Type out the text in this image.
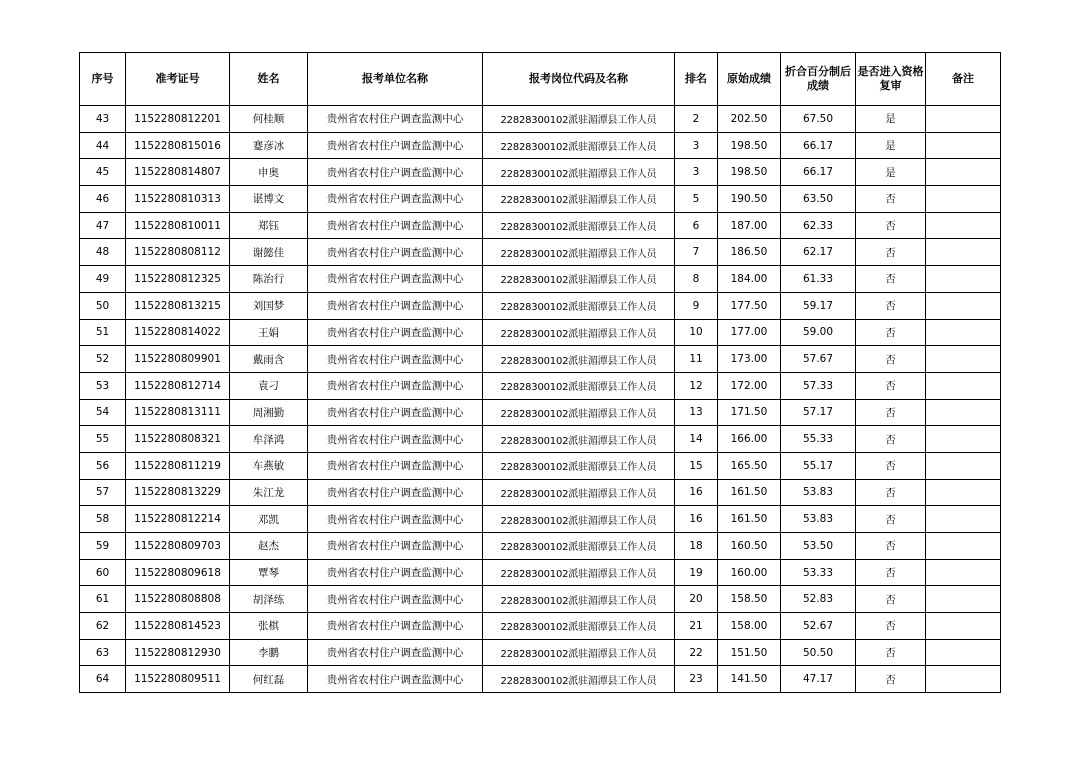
序号	准考证号	姓名	报考单位名称	报考岗位代码及名称	排名	原始成绩	折合百分制后成绩	是否进入资格复审	备注
43	1152280812201	何桂顺	贵州省农村住户调查监测中心	22828300102派驻湄潭县工作人员	2	202.50	67.50	是	
44	1152280815016	蹇彦冰	贵州省农村住户调查监测中心	22828300102派驻湄潭县工作人员	3	198.50	66.17	是	
45	1152280814807	申奥	贵州省农村住户调查监测中心	22828300102派驻湄潭县工作人员	3	198.50	66.17	是	
46	1152280810313	谌博文	贵州省农村住户调查监测中心	22828300102派驻湄潭县工作人员	5	190.50	63.50	否	
47	1152280810011	郑钰	贵州省农村住户调查监测中心	22828300102派驻湄潭县工作人员	6	187.00	62.33	否	
48	1152280808112	谢懿佳	贵州省农村住户调查监测中心	22828300102派驻湄潭县工作人员	7	186.50	62.17	否	
49	1152280812325	陈治行	贵州省农村住户调查监测中心	22828300102派驻湄潭县工作人员	8	184.00	61.33	否	
50	1152280813215	刘国梦	贵州省农村住户调查监测中心	22828300102派驻湄潭县工作人员	9	177.50	59.17	否	
51	1152280814022	王娟	贵州省农村住户调查监测中心	22828300102派驻湄潭县工作人员	10	177.00	59.00	否	
52	1152280809901	戴雨含	贵州省农村住户调查监测中心	22828300102派驻湄潭县工作人员	11	173.00	57.67	否	
53	1152280812714	袁刁	贵州省农村住户调查监测中心	22828300102派驻湄潭县工作人员	12	172.00	57.33	否	
54	1152280813111	周湘勤	贵州省农村住户调查监测中心	22828300102派驻湄潭县工作人员	13	171.50	57.17	否	
55	1152280808321	牟泽鸿	贵州省农村住户调查监测中心	22828300102派驻湄潭县工作人员	14	166.00	55.33	否	
56	1152280811219	车燕敏	贵州省农村住户调查监测中心	22828300102派驻湄潭县工作人员	15	165.50	55.17	否	
57	1152280813229	朱江龙	贵州省农村住户调查监测中心	22828300102派驻湄潭县工作人员	16	161.50	53.83	否	
58	1152280812214	邓凯	贵州省农村住户调查监测中心	22828300102派驻湄潭县工作人员	16	161.50	53.83	否	
59	1152280809703	赵杰	贵州省农村住户调查监测中心	22828300102派驻湄潭县工作人员	18	160.50	53.50	否	
60	1152280809618	覃琴	贵州省农村住户调查监测中心	22828300102派驻湄潭县工作人员	19	160.00	53.33	否	
61	1152280808808	胡泽练	贵州省农村住户调查监测中心	22828300102派驻湄潭县工作人员	20	158.50	52.83	否	
62	1152280814523	张棋	贵州省农村住户调查监测中心	22828300102派驻湄潭县工作人员	21	158.00	52.67	否	
63	1152280812930	李鹏	贵州省农村住户调查监测中心	22828300102派驻湄潭县工作人员	22	151.50	50.50	否	
64	1152280809511	何红磊	贵州省农村住户调查监测中心	22828300102派驻湄潭县工作人员	23	141.50	47.17	否	
